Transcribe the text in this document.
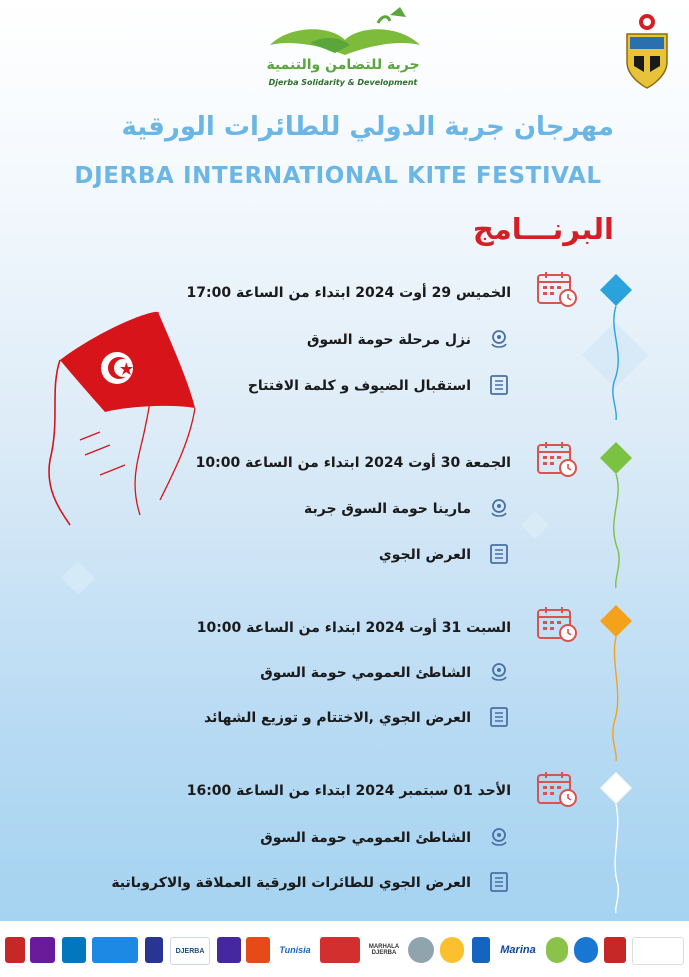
جربة للتضامن والتنمية
Djerba Solidarity & Development
مهرجان جربة الدولي للطائرات الورقية
DJERBA INTERNATIONAL KITE FESTIVAL
البرنـــامج
الخميس 29 أوت 2024 ابتداء من الساعة 17:00
نزل مرحلة حومة السوق
استقبال الضيوف و كلمة الافتتاح
الجمعة 30 أوت 2024 ابتداء من الساعة 10:00
مارينا حومة السوق جربة
العرض الجوي
السبت 31 أوت 2024 ابتداء من الساعة 10:00
الشاطئ العمومي حومة السوق
العرض الجوي ,الاختتام و توزيع الشهائد
الأحد 01 سبتمبر 2024 ابتداء من الساعة 16:00
الشاطئ العمومي حومة السوق
العرض الجوي للطائرات الورقية العملاقة والاكروباتية
DJERBA	Tunisia	MARHALA DJERBA	Marina
